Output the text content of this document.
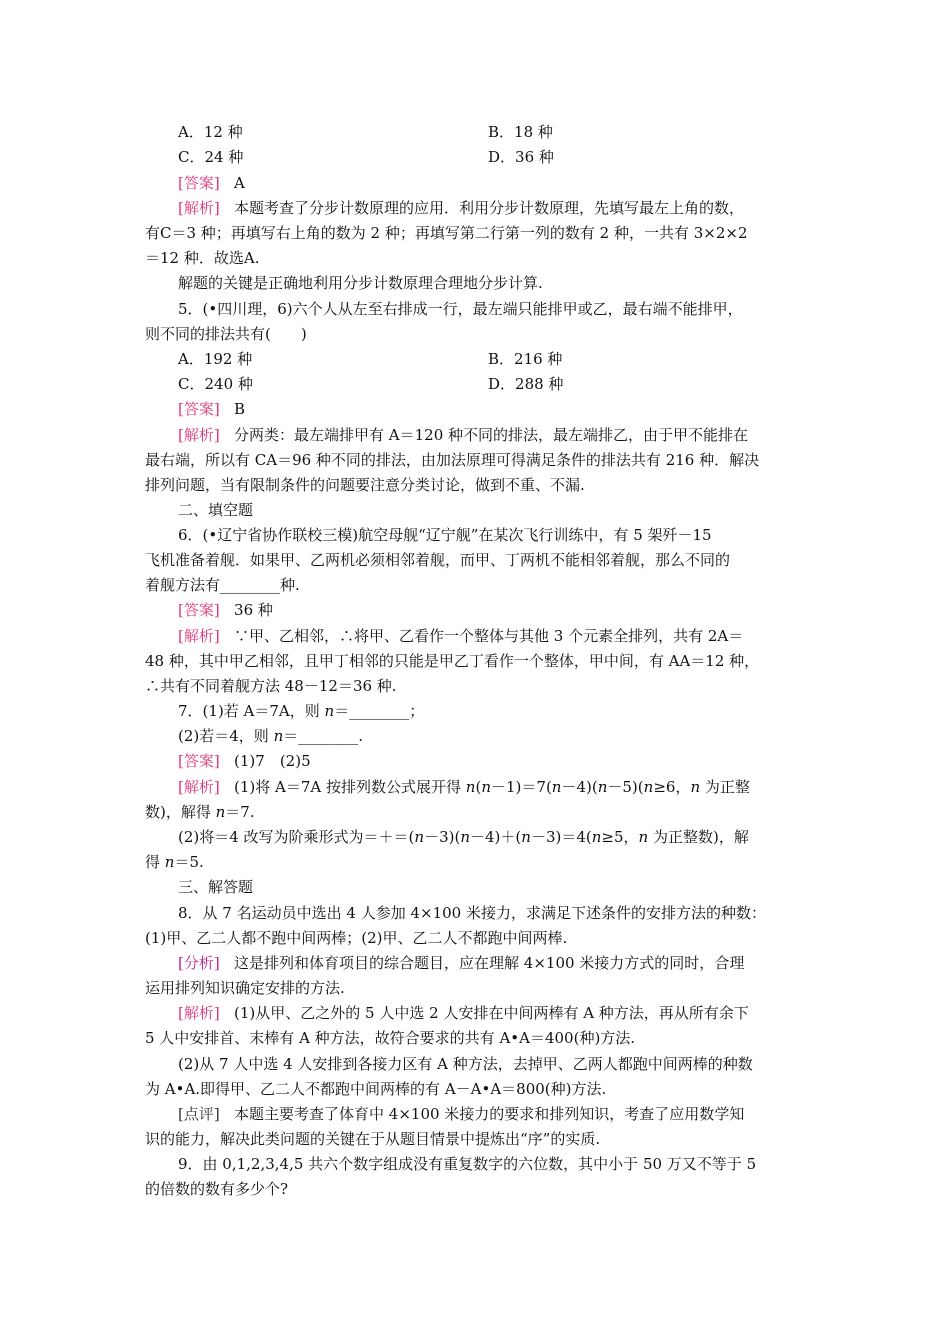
A．12 种	B．18 种
C．24 种	D．36 种
[答案] A
[解析] 本题考查了分步计数原理的应用．利用分步计数原理，先填写最左上角的数，
有C＝3 种；再填写右上角的数为 2 种；再填写第二行第一列的数有 2 种，一共有 3×2×2
＝12 种．故选A.
解题的关键是正确地利用分步计数原理合理地分步计算.
5．(•四川理，6)六个人从左至右排成一行，最左端只能排甲或乙，最右端不能排甲，
则不同的排法共有(　　)
A．192 种	B．216 种
C．240 种	D．288 种
[答案] B
[解析] 分两类：最左端排甲有 A＝120 种不同的排法，最左端排乙，由于甲不能排在
最右端，所以有 CA＝96 种不同的排法，由加法原理可得满足条件的排法共有 216 种．解决
排列问题，当有限制条件的问题要注意分类讨论，做到不重、不漏.
二、填空题
6．(•辽宁省协作联校三模)航空母舰“辽宁舰”在某次飞行训练中，有 5 架歼－15
飞机准备着舰．如果甲、乙两机必须相邻着舰，而甲、丁两机不能相邻着舰，那么不同的
着舰方法有________种.
[答案] 36 种
[解析] ∵甲、乙相邻，∴将甲、乙看作一个整体与其他 3 个元素全排列，共有 2A＝
48 种，其中甲乙相邻，且甲丁相邻的只能是甲乙丁看作一个整体，甲中间，有 AA＝12 种，
∴共有不同着舰方法 48－12＝36 种.
7．(1)若 A＝7A，则 n＝________；
(2)若＝4，则 n＝________.
[答案] (1)7　(2)5
[解析] (1)将 A＝7A 按排列数公式展开得 n(n－1)＝7(n－4)(n－5)(n≥6，n 为正整
数)，解得 n＝7.
(2)将＝4 改写为阶乘形式为＝＋＝(n－3)(n－4)＋(n－3)＝4(n≥5，n 为正整数)，解
得 n＝5.
三、解答题
8．从 7 名运动员中选出 4 人参加 4×100 米接力，求满足下述条件的安排方法的种数：
(1)甲、乙二人都不跑中间两棒；(2)甲、乙二人不都跑中间两棒.
[分析] 这是排列和体育项目的综合题目，应在理解 4×100 米接力方式的同时，合理
运用排列知识确定安排的方法.
[解析] (1)从甲、乙之外的 5 人中选 2 人安排在中间两棒有 A 种方法，再从所有余下
5 人中安排首、末棒有 A 种方法，故符合要求的共有 A•A＝400(种)方法.
(2)从 7 人中选 4 人安排到各接力区有 A 种方法，去掉甲、乙两人都跑中间两棒的种数
为 A•A.即得甲、乙二人不都跑中间两棒的有 A－A•A＝800(种)方法.
[点评] 本题主要考查了体育中 4×100 米接力的要求和排列知识，考查了应用数学知
识的能力，解决此类问题的关键在于从题目情景中提炼出“序”的实质.
9．由 0,1,2,3,4,5 共六个数字组成没有重复数字的六位数，其中小于 50 万又不等于 5
的倍数的数有多少个?
